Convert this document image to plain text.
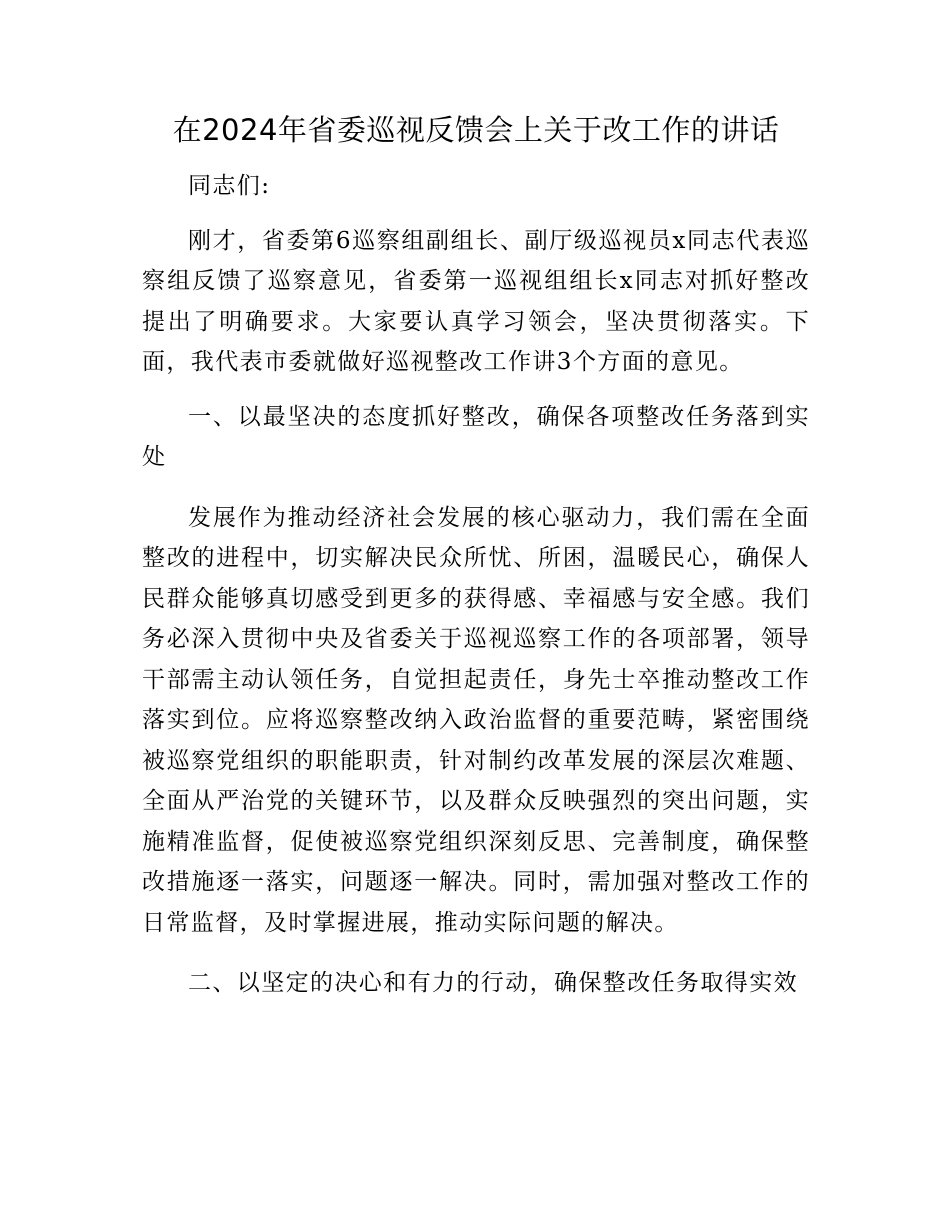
在2024年省委巡视反馈会上关于改工作的讲话

同志们:

刚才，省委第6巡察组副组长、副厅级巡视员x同志代表巡察组反馈了巡察意见，省委第一巡视组组长x同志对抓好整改提出了明确要求。大家要认真学习领会，坚决贯彻落实。下面，我代表市委就做好巡视整改工作讲3个方面的意见。

一、以最坚决的态度抓好整改，确保各项整改任务落到实处

发展作为推动经济社会发展的核心驱动力，我们需在全面整改的进程中，切实解决民众所忧、所困，温暖民心，确保人民群众能够真切感受到更多的获得感、幸福感与安全感。我们务必深入贯彻中央及省委关于巡视巡察工作的各项部署，领导干部需主动认领任务，自觉担起责任，身先士卒推动整改工作落实到位。应将巡察整改纳入政治监督的重要范畴，紧密围绕被巡察党组织的职能职责，针对制约改革发展的深层次难题、全面从严治党的关键环节，以及群众反映强烈的突出问题，实施精准监督，促使被巡察党组织深刻反思、完善制度，确保整改措施逐一落实，问题逐一解决。同时，需加强对整改工作的日常监督，及时掌握进展，推动实际问题的解决。

二、以坚定的决心和有力的行动，确保整改任务取得实效
